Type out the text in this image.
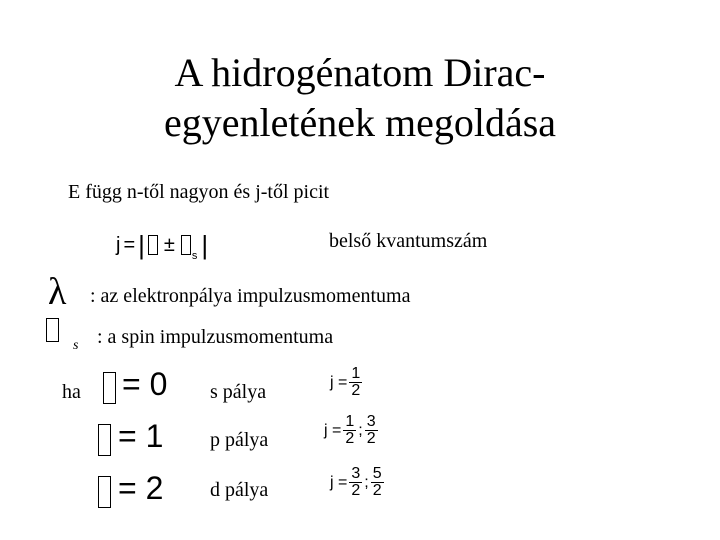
A hidrogénatom Dirac-
egyenletének megoldása
E függ n-től nagyon és j-től picit
j = | ±
s |	belső kvantumszám
λ : az elektronpálya impulzusmomentuma
s : a spin impulzusmomentuma
ha = 0 s pálya	$j = \frac{1}{2}$
= 1 p pálya	$j = \frac{1}{2}$ ; $\frac{3}{2}$
= 2 d pálya	$j = \frac{3}{2}$ ; $\frac{5}{2}$
